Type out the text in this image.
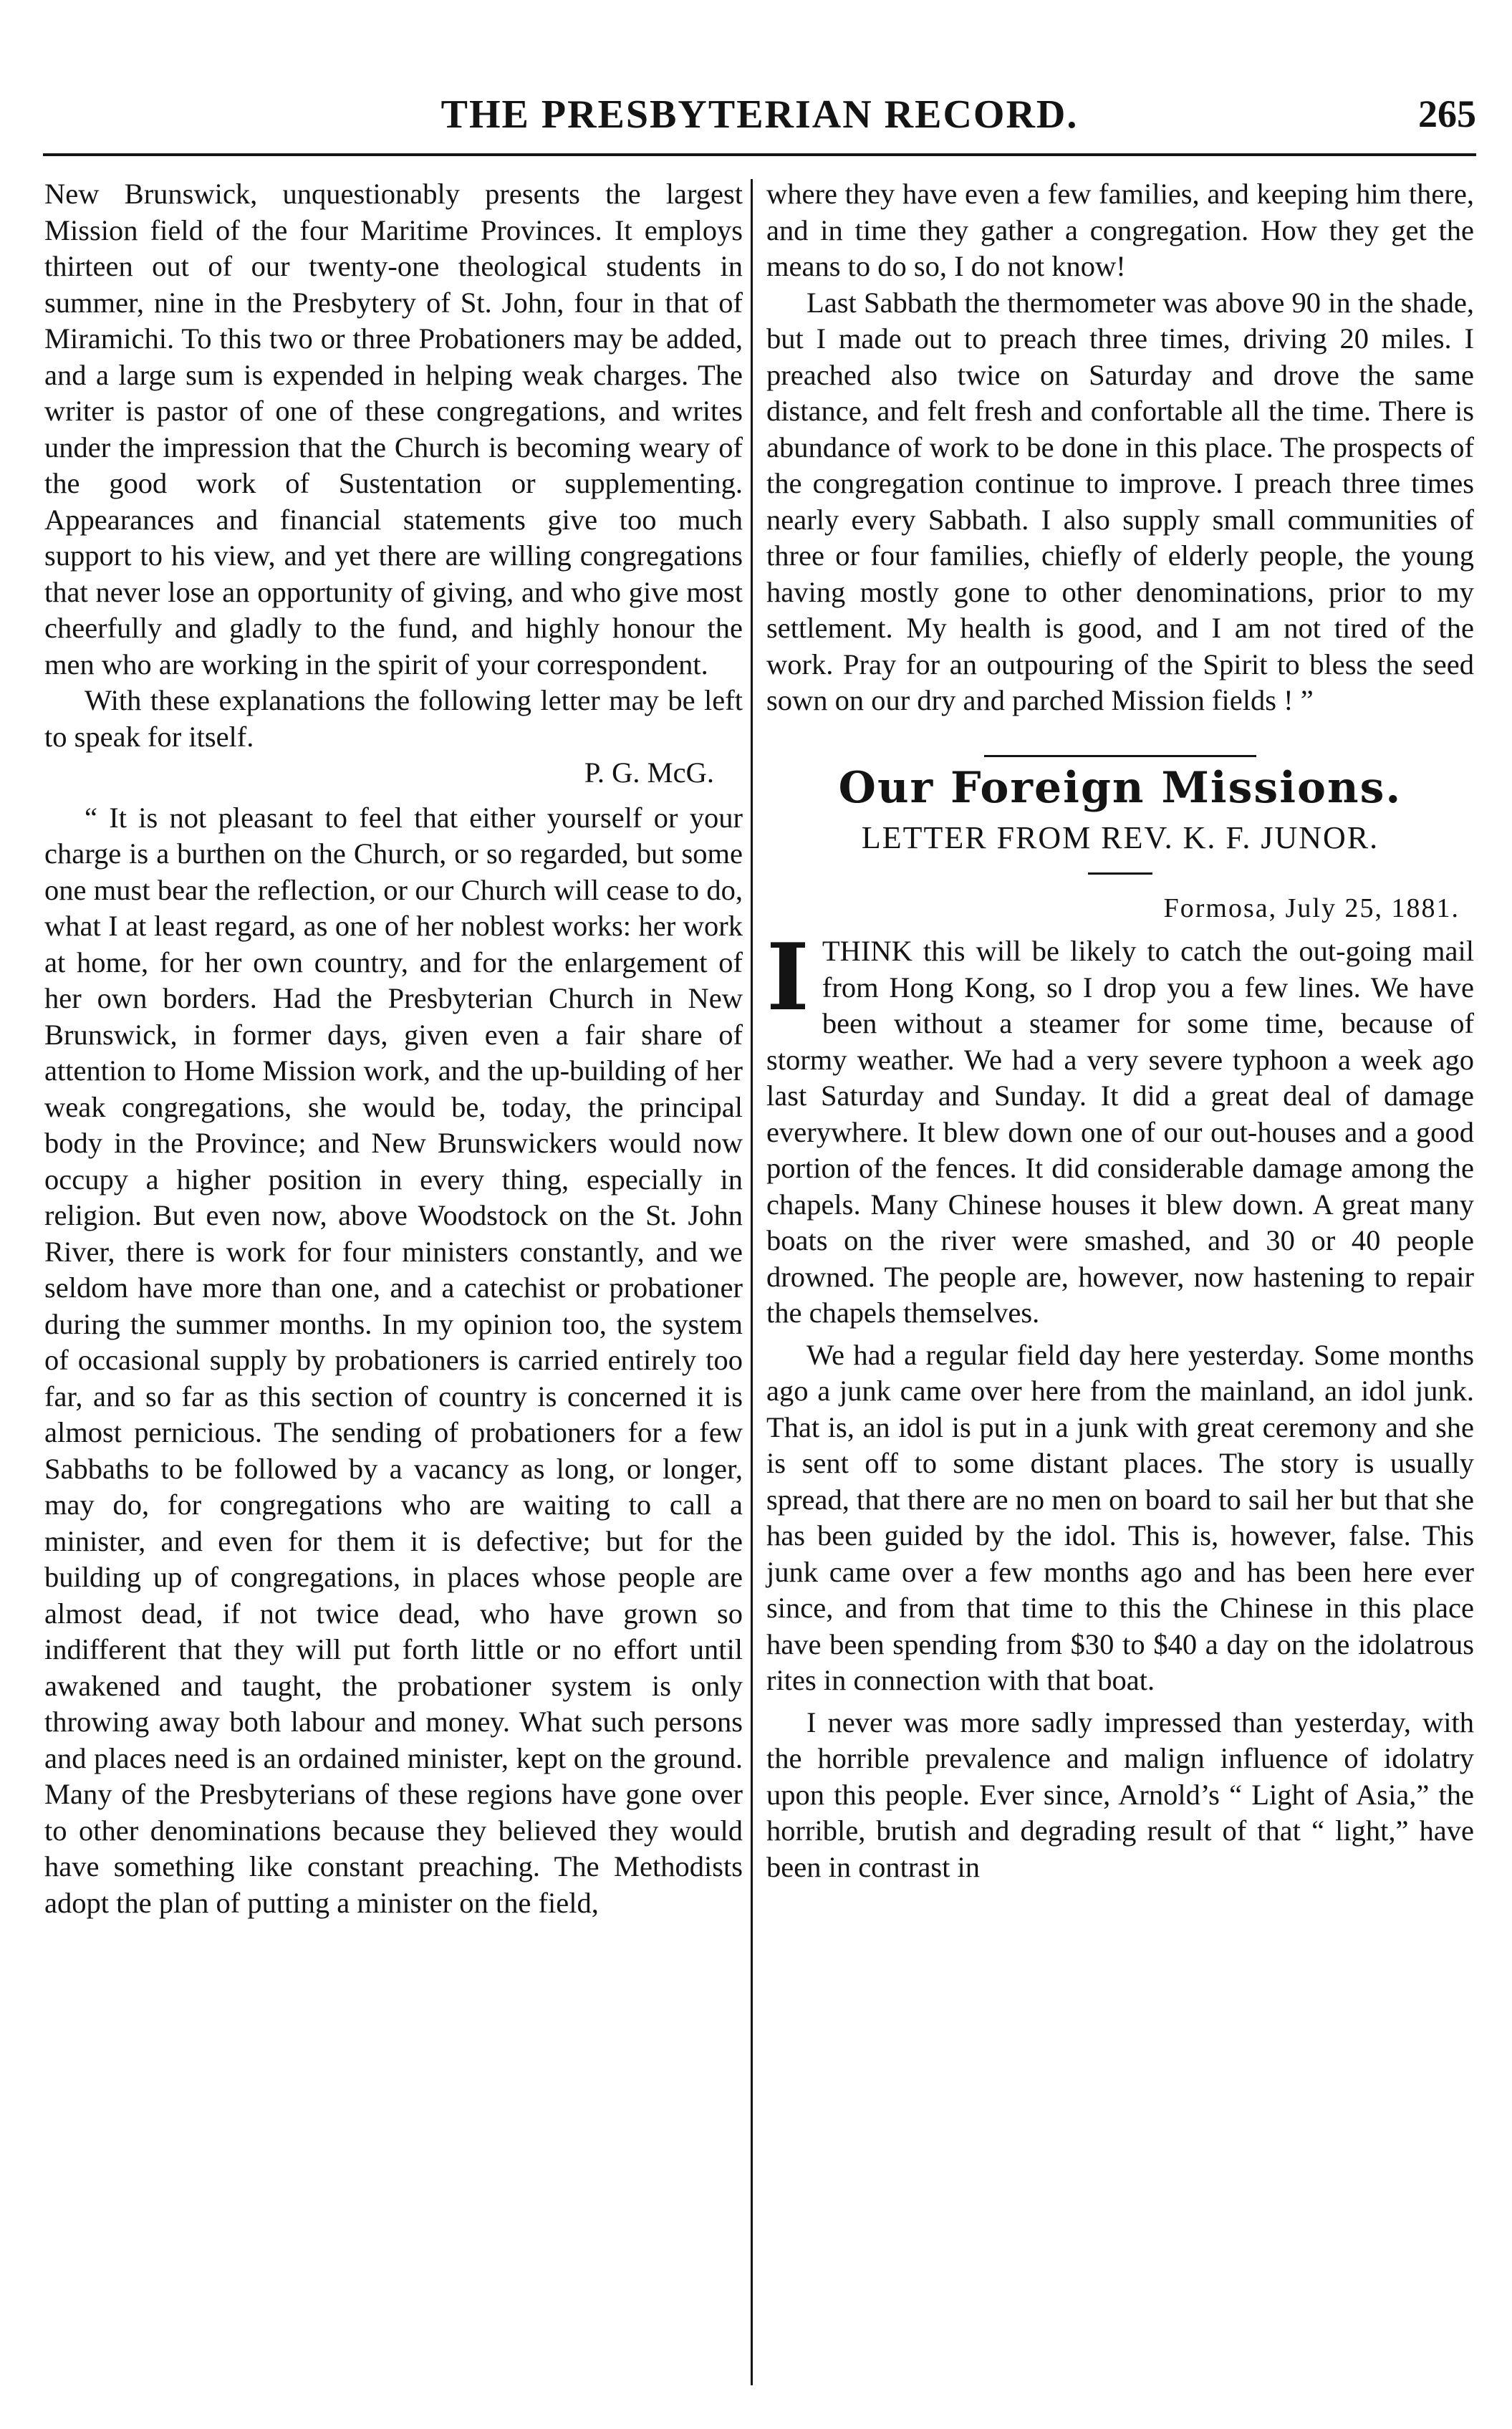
THE PRESBYTERIAN RECORD.	265

New Brunswick, unquestionably presents the largest Mission field of the four Maritime Provinces. It employs thirteen out of our twenty-one theological students in summer, nine in the Presbytery of St. John, four in that of Miramichi. To this two or three Probationers may be added, and a large sum is expended in helping weak charges. The writer is pastor of one of these congregations, and writes under the impression that the Church is becoming weary of the good work of Sustentation or supplementing. Appearances and financial statements give too much support to his view, and yet there are willing congregations that never lose an opportunity of giving, and who give most cheerfully and gladly to the fund, and highly honour the men who are working in the spirit of your correspondent.

With these explanations the following letter may be left to speak for itself.

P. G. McG.

“ It is not pleasant to feel that either yourself or your charge is a burthen on the Church, or so regarded, but some one must bear the reflection, or our Church will cease to do, what I at least regard, as one of her noblest works: her work at home, for her own country, and for the enlargement of her own borders. Had the Presbyterian Church in New Brunswick, in former days, given even a fair share of attention to Home Mission work, and the up-building of her weak congregations, she would be, today, the principal body in the Province; and New Brunswickers would now occupy a higher position in every thing, especially in religion. But even now, above Woodstock on the St. John River, there is work for four ministers constantly, and we seldom have more than one, and a catechist or probationer during the summer months. In my opinion too, the system of occasional supply by probationers is carried entirely too far, and so far as this section of country is concerned it is almost pernicious. The sending of probationers for a few Sabbaths to be followed by a vacancy as long, or longer, may do, for congregations who are waiting to call a minister, and even for them it is defective; but for the building up of congregations, in places whose people are almost dead, if not twice dead, who have grown so indifferent that they will put forth little or no effort until awakened and taught, the probationer system is only throwing away both labour and money. What such persons and places need is an ordained minister, kept on the ground. Many of the Presbyterians of these regions have gone over to other denominations because they believed they would have something like constant preaching. The Methodists adopt the plan of putting a minister on the field,

where they have even a few families, and keeping him there, and in time they gather a congregation. How they get the means to do so, I do not know!

Last Sabbath the thermometer was above 90 in the shade, but I made out to preach three times, driving 20 miles. I preached also twice on Saturday and drove the same distance, and felt fresh and confortable all the time. There is abundance of work to be done in this place. The prospects of the congregation continue to improve. I preach three times nearly every Sabbath. I also supply small communities of three or four families, chiefly of elderly people, the young having mostly gone to other denominations, prior to my settlement. My health is good, and I am not tired of the work. Pray for an outpouring of the Spirit to bless the seed sown on our dry and parched Mission fields ! ”

Our Foreign Missions.
LETTER FROM REV. K. F. JUNOR.
Formosa, July 25, 1881.

ITHINK this will be likely to catch the out-going mail from Hong Kong, so I drop you a few lines. We have been without a steamer for some time, because of stormy weather. We had a very severe typhoon a week ago last Saturday and Sunday. It did a great deal of damage everywhere. It blew down one of our out-houses and a good portion of the fences. It did considerable damage among the chapels. Many Chinese houses it blew down. A great many boats on the river were smashed, and 30 or 40 people drowned. The people are, however, now hastening to repair the chapels themselves.

We had a regular field day here yesterday. Some months ago a junk came over here from the mainland, an idol junk. That is, an idol is put in a junk with great ceremony and she is sent off to some distant places. The story is usually spread, that there are no men on board to sail her but that she has been guided by the idol. This is, however, false. This junk came over a few months ago and has been here ever since, and from that time to this the Chinese in this place have been spending from $30 to $40 a day on the idolatrous rites in connection with that boat.

I never was more sadly impressed than yesterday, with the horrible prevalence and malign influence of idolatry upon this people. Ever since, Arnold’s “ Light of Asia,” the horrible, brutish and degrading result of that “ light,” have been in contrast in
